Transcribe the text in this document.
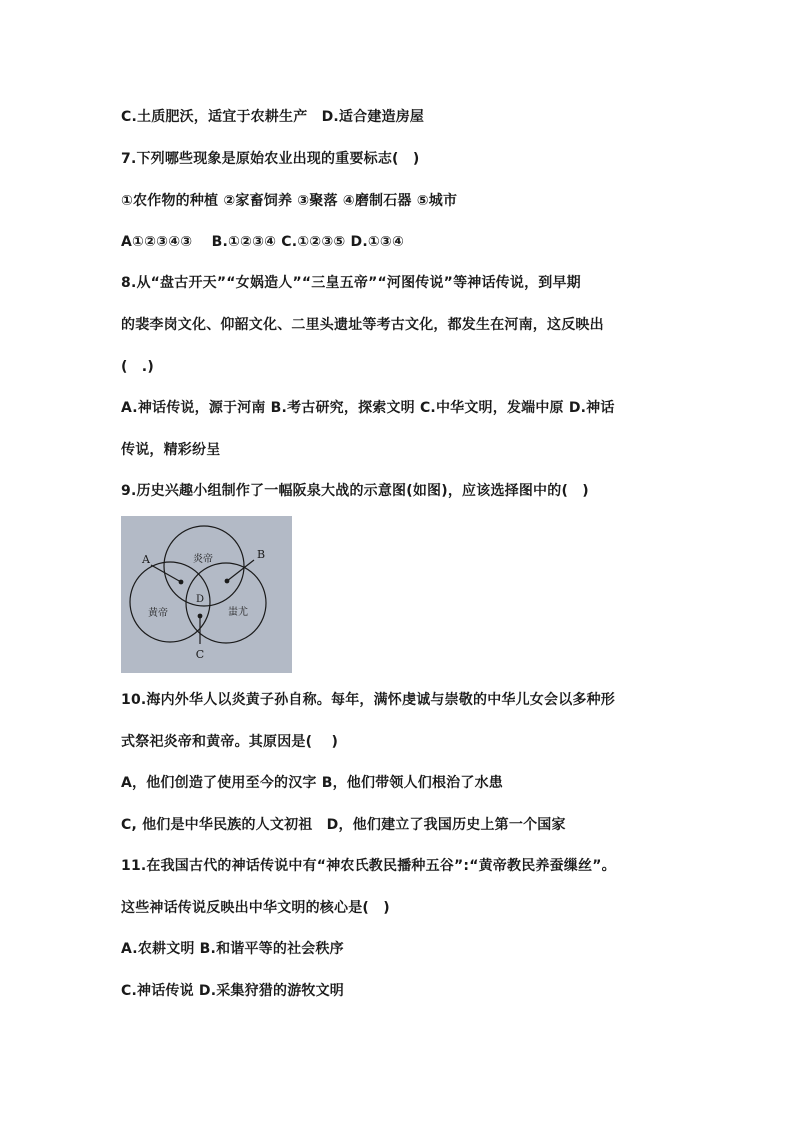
C.土质肥沃，适宜于农耕生产　D.适合建造房屋
7.下列哪些现象是原始农业出现的重要标志(　)
①农作物的种植 ②家畜饲养 ③聚落 ④磨制石器 ⑤城市
A①②③④③　 B.①②③④ C.①②③⑤ D.①③④
8.从“盘古开天”“女娲造人”“三皇五帝”“河图传说”等神话传说，到早期
的裴李岗文化、仰韶文化、二里头遗址等考古文化，都发生在河南，这反映出
(　.)
A.神话传说，源于河南 B.考古研究，探索文明 C.中华文明，发端中原 D.神话
传说，精彩纷呈
9.历史兴趣小组制作了一幅阪泉大战的示意图(如图)，应该选择图中的(　)
炎帝
黄帝	蚩尤
A	B
C
D
10.海内外华人以炎黄子孙自称。每年，满怀虔诚与崇敬的中华儿女会以多种形
式祭祀炎帝和黄帝。其原因是(　 )
A，他们创造了使用至今的汉字 B，他们带领人们根治了水患
C, 他们是中华民族的人文初祖　D，他们建立了我国历史上第一个国家
11.在我国古代的神话传说中有“神农氏教民播种五谷”:“黄帝教民养蚕缫丝”。
这些神话传说反映出中华文明的核心是(　)
A.农耕文明 B.和谐平等的社会秩序
C.神话传说 D.采集狩猎的游牧文明
